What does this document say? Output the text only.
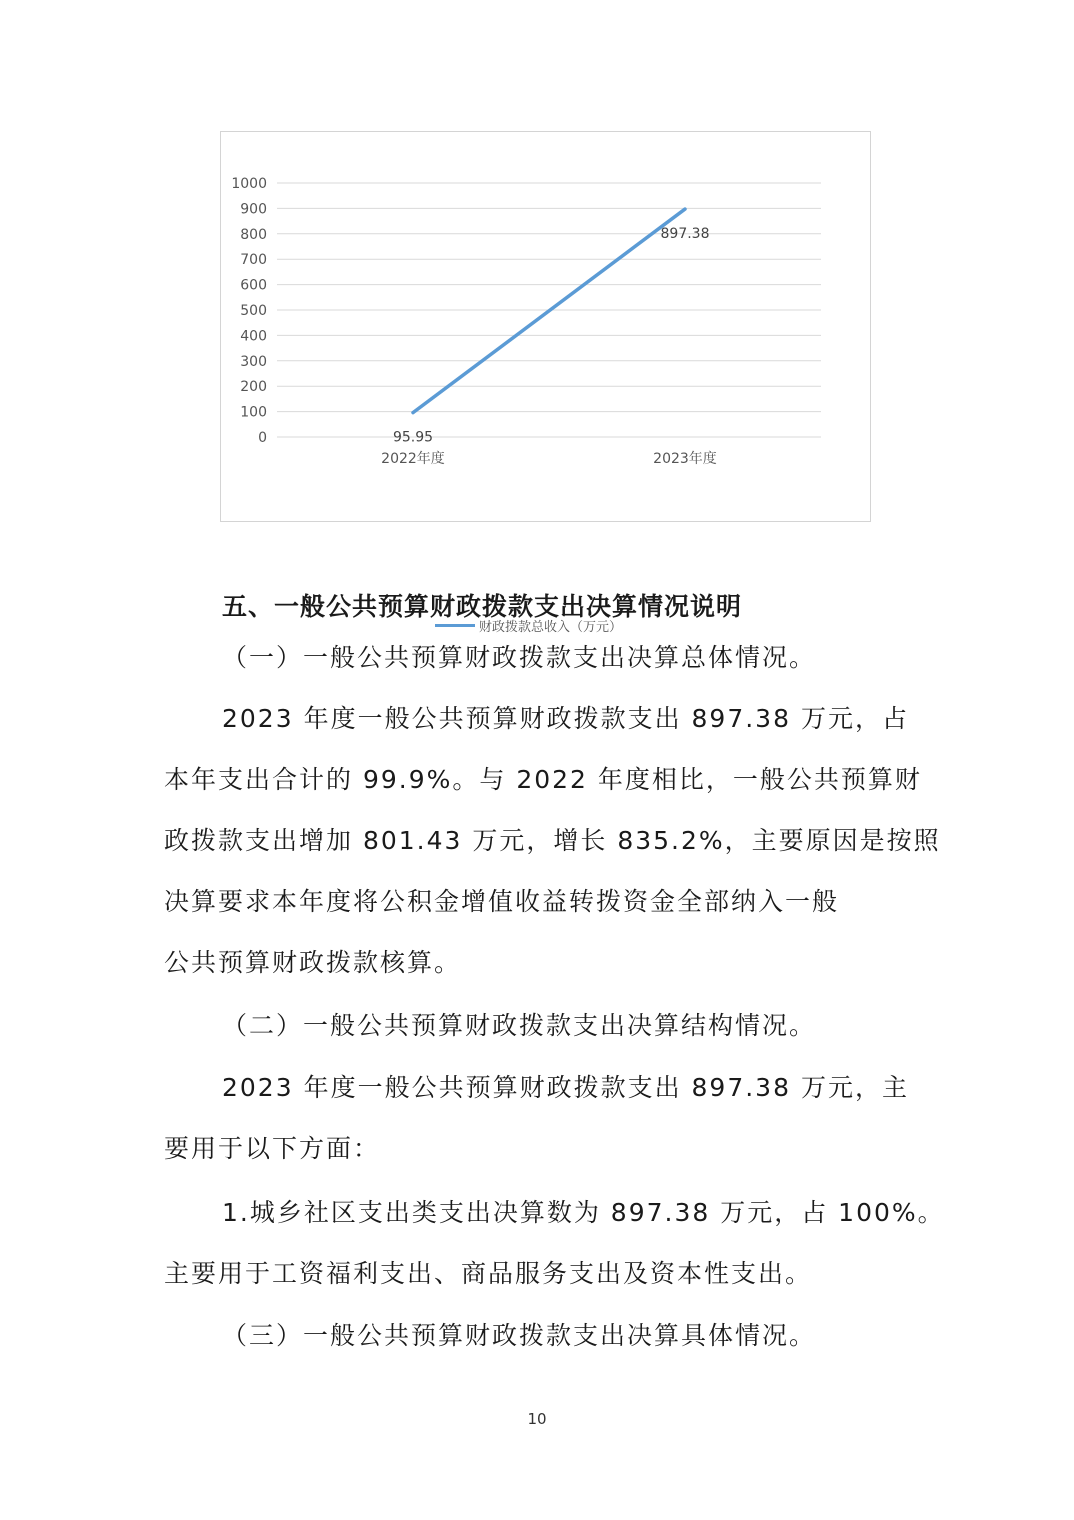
0
100
200
300
400
500
600
700
800
900
1000
2022年度	2023年度
95.95
897.38
财政拨款总收入（万元）
五、一般公共预算财政拨款支出决算情况说明
（一）一般公共预算财政拨款支出决算总体情况。
2023 年度一般公共预算财政拨款支出 897.38 万元，占
本年支出合计的 99.9%。与 2022 年度相比，一般公共预算财
政拨款支出增加 801.43 万元，增长 835.2%，主要原因是按照
决算要求本年度将公积金增值收益转拨资金全部纳入一般
公共预算财政拨款核算。
（二）一般公共预算财政拨款支出决算结构情况。
2023 年度一般公共预算财政拨款支出 897.38 万元，主
要用于以下方面：
1.城乡社区支出类支出决算数为 897.38 万元，占 100%。
主要用于工资福利支出、商品服务支出及资本性支出。
（三）一般公共预算财政拨款支出决算具体情况。
10
